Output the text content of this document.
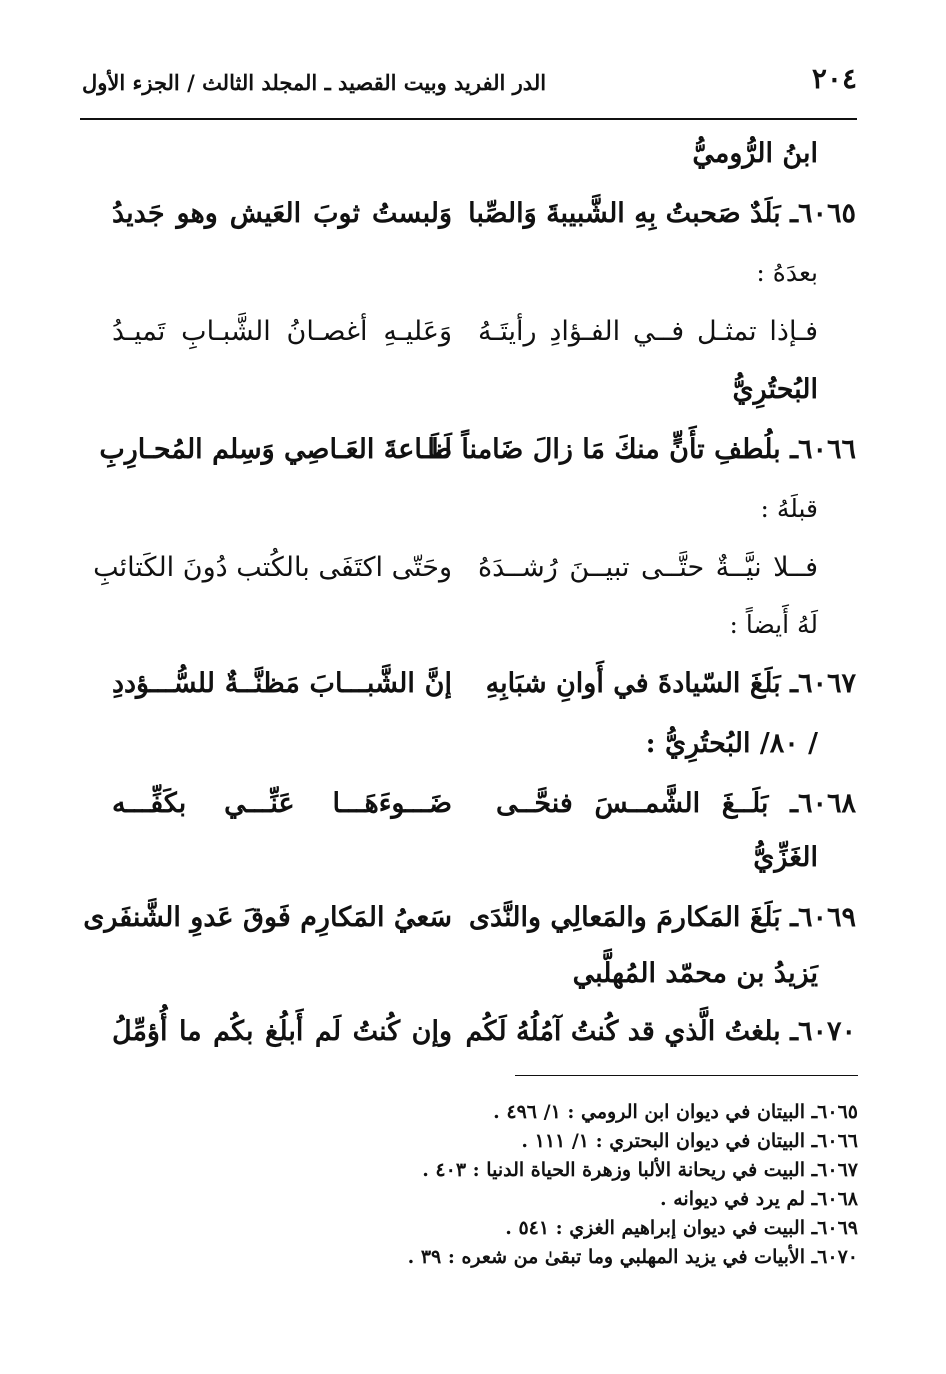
٢٠٤
الدر الفريد وبيت القصيد ـ المجلد الثالث / الجزء الأول
ابنُ الرُّوميُّ
٦٠٦٥ـ بَلَدٌ صَحبتُ بِهِ الشَّبيبةَ وَالصِّبا
وَلبستُ ثوبَ العَيش وهو جَديدُ
بعدَهُ :
فـإذا تمثـل فــي الفـؤادِ رأيتَـهُ
وَعَليـهِ أغصـانُ الشَّبـابِ تَميـدُ
البُحتُرِيُّ
٦٠٦٦ـ بلُطفِ تأَنٍّ منكَ مَا زالَ ضَامناً لَنا
طَـاعةَ العَـاصِي وَسِلم المُحـارِبِ
قبلَهُ :
فــلا نيَّــةٌ حتَّــى تبيــنَ رُشــدَهُ
وحَتّى اكتَفَى بالكُتب دُونَ الكَتائبِ
لَهُ أَيضاً :
٦٠٦٧ـ بَلَغَ السّيادةَ في أَوانِ شبَابِهِ
إنَّ الشَّبـــابَ مَظنَّــةٌ للسُّـــؤددِ
/ ٨٠/ البُحتُرِيُّ :
٦٠٦٨ـ بَلَــغَ الشَّمــسَ فنحَّــى
ضَـــوءَهَـــا عَنِّـــي بكَفِّـــه
الغَزِّيُّ
٦٠٦٩ـ بَلَغَ المَكارمَ والمَعالِي والنَّدَى
سَعيُ المَكارِم فَوقَ عَدوِ الشَّنفَرى
يَزيدُ بن محمّد المُهلَّبي
٦٠٧٠ـ بلغتُ الَّذي قد كُنتُ آمُلُهُ لَكُم
وإن كُنتُ لَم أَبلُغ بكُم ما أُؤمِّلُ
٦٠٦٥ـ البيتان في ديوان ابن الرومي : ١/ ٤٩٦ .
٦٠٦٦ـ البيتان في ديوان البحتري : ١/ ١١١ .
٦٠٦٧ـ البيت في ريحانة الألبا وزهرة الحياة الدنيا : ٤٠٣ .
٦٠٦٨ـ لم يرد في ديوانه .
٦٠٦٩ـ البيت في ديوان إبراهيم الغزي : ٥٤١ .
٦٠٧٠ـ الأبيات في يزيد المهلبي وما تبقىٰ من شعره : ٣٩ .
